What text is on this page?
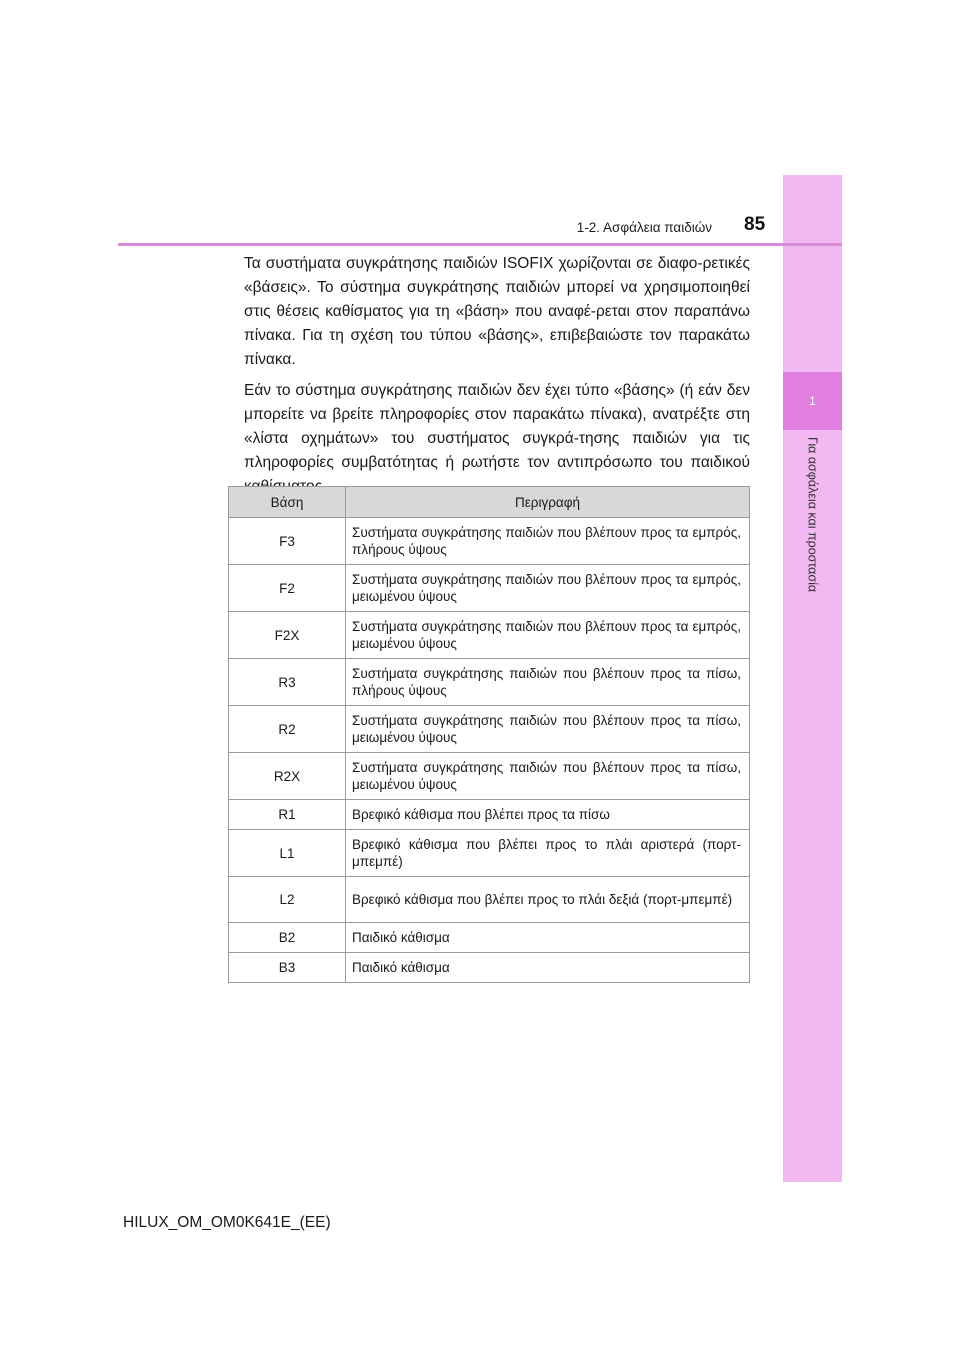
1
Για ασφάλεια και προστασία
1-2. Ασφάλεια παιδιών 85

Τα συστήματα συγκράτησης παιδιών ISOFIX χωρίζονται σε διαφο-ρετικές «βάσεις». Το σύστημα συγκράτησης παιδιών μπορεί να χρησιμοποιηθεί στις θέσεις καθίσματος για τη «βάση» που αναφέ-ρεται στον παραπάνω πίνακα. Για τη σχέση του τύπου «βάσης», επιβεβαιώστε τον παρακάτω πίνακα.

Εάν το σύστημα συγκράτησης παιδιών δεν έχει τύπο «βάσης» (ή εάν δεν μπορείτε να βρείτε πληροφορίες στον παρακάτω πίνακα), ανατρέξτε στη «λίστα οχημάτων» του συστήματος συγκρά-τησης παιδιών για τις πληροφορίες συμβατότητας ή ρωτήστε τον αντιπρόσωπο του παιδικού

Βάση	Περιγραφή
F3	Συστήματα συγκράτησης παιδιών που βλέπουν προς τα εμπρός, πλήρους ύψους
F2	Συστήματα συγκράτησης παιδιών που βλέπουν προς τα εμπρός, μειωμένου ύψους
F2X	Συστήματα συγκράτησης παιδιών που βλέπουν προς τα εμπρός, μειωμένου ύψους
R3	Συστήματα συγκράτησης παιδιών που βλέπουν προς τα πίσω, πλήρους ύψους
R2	Συστήματα συγκράτησης παιδιών που βλέπουν προς τα πίσω, μειωμένου ύψους
R2X	Συστήματα συγκράτησης παιδιών που βλέπουν προς τα πίσω, μειωμένου ύψους
R1	Βρεφικό κάθισμα που βλέπει προς τα πίσω
L1	Βρεφικό κάθισμα που βλέπει προς το πλάι αριστερά (πορτ-μπεμπέ)
L2	Βρεφικό κάθισμα που βλέπει προς το πλάι δεξιά (πορτ-μπεμπέ)
B2	Παιδικό κάθισμα
B3	Παιδικό κάθισμα
HILUX_OM_OM0K641E_(EE)
